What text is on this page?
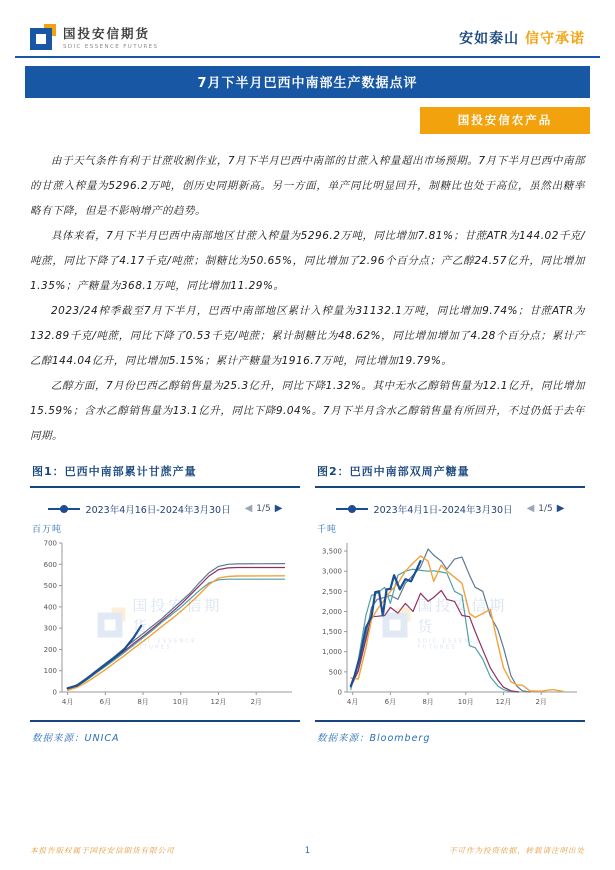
国投安信期货
SDIC ESSENCE FUTURES	安如泰山 信守承诺
7月下半月巴西中南部生产数据点评
国投安信农产品

由于天气条件有利于甘蔗收割作业，7月下半月巴西中南部的甘蔗入榨量超出市场预期。7月下半月巴西中南部的甘蔗入榨量为5296.2万吨，创历史同期新高。另一方面，单产同比明显回升，制糖比也处于高位，虽然出糖率略有下降，但是不影响增产的趋势。

具体来看，7月下半月巴西中南部地区甘蔗入榨量为5296.2万吨，同比增加7.81%；甘蔗ATR为144.02千克/吨蔗，同比下降了4.17千克/吨蔗；制糖比为50.65%，同比增加了2.96个百分点；产乙醇24.57亿升，同比增加1.35%；产糖量为368.1万吨，同比增加11.29%。

2023/24榨季截至7月下半月，巴西中南部地区累计入榨量为31132.1万吨，同比增加9.74%；甘蔗ATR为132.89千克/吨蔗，同比下降了0.53千克/吨蔗；累计制糖比为48.62%，同比增加增加了4.28个百分点；累计产乙醇144.04亿升，同比增加5.15%；累计产糖量为1916.7万吨，同比增加19.79%。

乙醇方面，7月份巴西乙醇销售量为25.3亿升，同比下降1.32%。其中无水乙醇销售量为12.1亿升，同比增加15.59%；含水乙醇销售量为13.1亿升，同比下降9.04%。7月下半月含水乙醇销售量有所回升，不过仍低于去年同期。

图1：巴西中南部累计甘蔗产量
2023年4月16日-2024年3月30日 ◀ 1/5 ▶
百万吨
国投安信期货
SDIC ESSENCE FUTURES
0
100
200
300
400
500
600
700
4月	6月	8月	10月	12月	2月
数据来源：UNICA
图2：巴西中南部双周产糖量
2023年4月1日-2024年3月30日 ◀ 1/5 ▶
千吨
国投安信期货
SDIC ESSENCE FUTURES
0
500
1,000
1,500
2,000
2,500
3,000
3,500
4月	6月	8月	10月	12月	2月
数据来源：Bloomberg
本报告版权属于国投安信期货有限公司	1	不可作为投资依据，转载请注明出处
